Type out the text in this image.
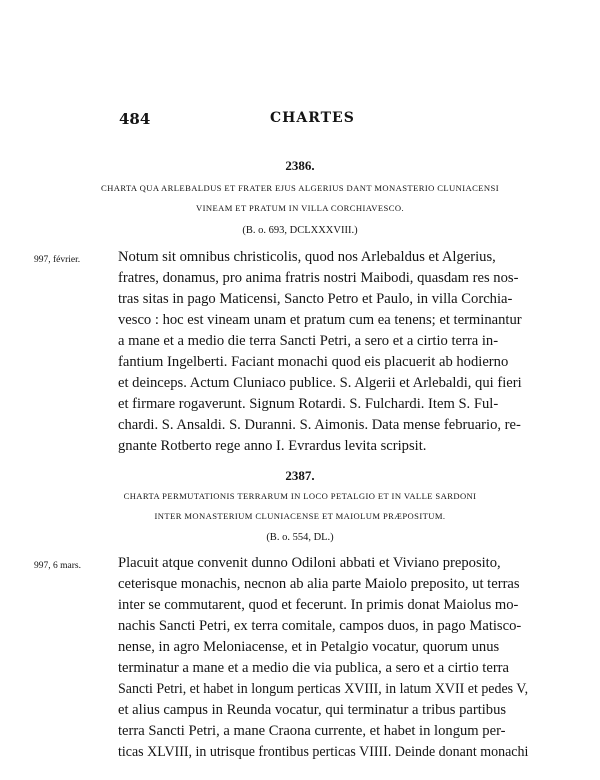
484	CHARTES
2386.
CHARTA QUA ARLEBALDUS ET FRATER EJUS ALGERIUS DANT MONASTERIO CLUNIACENSI
VINEAM ET PRATUM IN VILLA CORCHIAVESCO.
(B. o. 693, DCLXXXVIII.)
997, février.	Notum sit omnibus christicolis, quod nos Arlebaldus et Algerius,
fratres, donamus, pro anima fratris nostri Maibodi, quasdam res nos-
tras sitas in pago Maticensi, Sancto Petro et Paulo, in villa Corchia-
vesco : hoc est vineam unam et pratum cum ea tenens; et terminantur
a mane et a medio die terra Sancti Petri, a sero et a cirtio terra in-
fantium Ingelberti. Faciant monachi quod eis placuerit ab hodierno
et deinceps. Actum Cluniaco publice. S. Algerii et Arlebaldi, qui fieri
et firmare rogaverunt. Signum Rotardi. S. Fulchardi. Item S. Ful-
chardi. S. Ansaldi. S. Duranni. S. Aimonis. Data mense februario, re-
gnante Rotberto rege anno I. Evrardus levita scripsit.
2387.
CHARTA PERMUTATIONIS TERRARUM IN LOCO PETALGIO ET IN VALLE SARDONI
INTER MONASTERIUM CLUNIACENSE ET MAIOLUM PRÆPOSITUM.
(B. o. 554, DL.)
997, 6 mars.	Placuit atque convenit dunno Odiloni abbati et Viviano preposito,
ceterisque monachis, necnon ab alia parte Maiolo preposito, ut terras
inter se commutarent, quod et fecerunt. In primis donat Maiolus mo-
nachis Sancti Petri, ex terra comitale, campos duos, in pago Matisco-
nense, in agro Meloniacense, et in Petalgio vocatur, quorum unus
terminatur a mane et a medio die via publica, a sero et a cirtio terra
Sancti Petri, et habet in longum perticas XVIII, in latum XVII et pedes V,
et alius campus in Reunda vocatur, qui terminatur a tribus partibus
terra Sancti Petri, a mane Craona currente, et habet in longum per-
ticas XLVIII, in utrisque frontibus perticas VIIII. Deinde donant monachi
